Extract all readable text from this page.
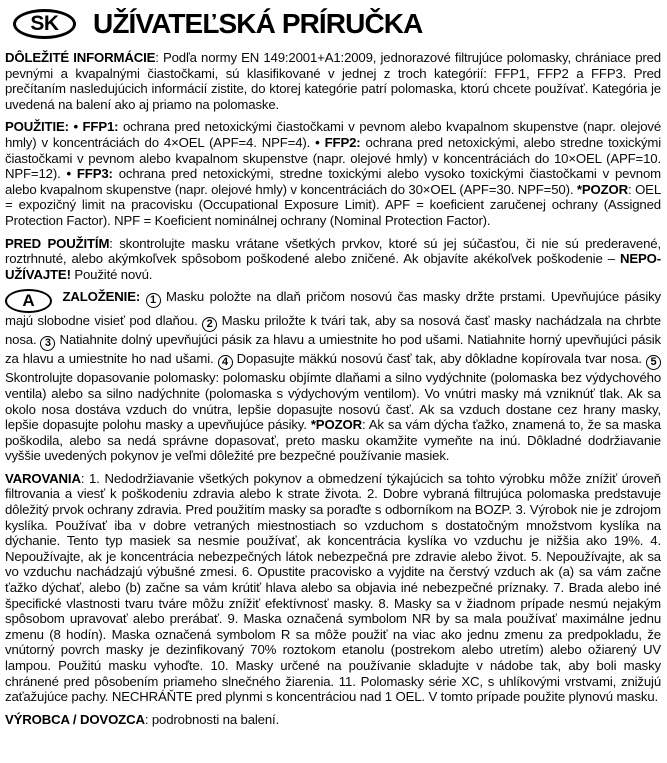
SK	UŽÍVATEĽSKÁ PRÍRUČKA

DÔLEŽITÉ INFORMÁCIE: Podľa normy EN 149:2001+A1:2009, jednorazové filtrujúce polomasky, chrániace pred pevnými a kvapalnými čiastočkami, sú klasifikované v jednej z troch kategórií: FFP1, FFP2 a FFP3. Pred prečítaním nasledujúcich informácií zistite, do ktorej kategórie patrí polomaska, ktorú chcete používať. Kategória je uvedená na balení ako aj priamo na polomaske.

POUŽITIE: • FFP1: ochrana pred netoxickými čiastočkami v pevnom alebo kvapalnom skupenstve (napr. olejové hmly) v koncentráciách do 4×OEL (APF=4. NPF=4). • FFP2: ochrana pred netoxickými, alebo stredne toxickými čiastočkami v pevnom alebo kvapalnom skupenstve (napr. olejové hmly) v koncentráciách do 10×OEL (APF=10. NPF=12). • FFP3: ochrana pred netoxickými, stredne toxickými alebo vysoko toxickými čiastočkami v pevnom alebo kvapalnom skupenstve (napr. olejové hmly) v koncentráciách do 30×OEL (APF=30. NPF=50). *POZOR: OEL = expozičný limit na pracovisku (Occupational Exposure Limit). APF = koeficient zaručenej ochrany (Assigned Protection Factor). NPF = Koeficient nominálnej ochrany (Nominal Protection Factor).

PRED POUŽITÍM: skontrolujte masku vrátane všetkých prvkov, ktoré sú jej súčasťou, či nie sú prederavené, roztrhnuté, alebo akýmkoľvek spôsobom poškodené alebo zničené. Ak objavíte akékoľvek poškodenie – NEPO-UŽÍVAJTE! Použité novú.

A ZALOŽENIE: 1 Masku položte na dlaň pričom nosovú čas masky držte prstami. Upevňujúce pásiky majú slobodne visieť pod dlaňou. 2 Masku priložte k tvári tak, aby sa nosová časť masky nachádzala na chrbte nosa. 3 Natiahnite dolný upevňujúci pásik za hlavu a umiestnite ho pod ušami. Natiahnite horný upevňujúci pásik za hlavu a umiestnite ho nad ušami. 4 Dopasujte mäkkú nosovú časť tak, aby dôkladne kopírovala tvar nosa. 5 Skontrolujte dopasovanie polomasky: polomasku objímte dlaňami a silno vydýchnite (polomaska bez výdychového ventila) alebo sa silno nadýchnite (polomaska s výdychovým ventilom). Vo vnútri masky má vzniknúť tlak. Ak sa okolo nosa dostáva vzduch do vnútra, lepšie dopasujte nosovú časť. Ak sa vzduch dostane cez hrany masky, lepšie dopasujte polohu masky a upevňujúce pásiky. *POZOR: Ak sa vám dýcha ťažko, znamená to, že sa maska poškodila, alebo sa nedá správne dopasovať, preto masku okamžite vymeňte na inú. Dôkladné dodržiavanie vyššie uvedených pokynov je veľmi dôležité pre bezpečné používanie masiek.

VAROVANIA: 1. Nedodržiavanie všetkých pokynov a obmedzení týkajúcich sa tohto výrobku môže znížiť úroveň filtrovania a viesť k poškodeniu zdravia alebo k strate života. 2. Dobre vybraná filtrujúca polomaska predstavuje dôležitý prvok ochrany zdravia. Pred použitím masky sa poraďte s odborníkom na BOZP. 3. Výrobok nie je zdrojom kyslíka. Používať iba v dobre vetraných miestnostiach so vzduchom s dostatočným množstvom kyslíka na dýchanie. Tento typ masiek sa nesmie používať, ak koncentrácia kyslíka vo vzduchu je nižšia ako 19%. 4. Nepoužívajte, ak je koncentrácia nebezpečných látok nebezpečná pre zdravie alebo život. 5. Nepoužívajte, ak sa vo vzduchu nachádzajú výbušné zmesi. 6. Opustite pracovisko a vyjdite na čerstvý vzduch ak (a) sa vám začne ťažko dýchať, alebo (b) začne sa vám krútiť hlava alebo sa objavia iné nebezpečné príznaky. 7. Brada alebo iné špecifické vlastnosti tvaru tváre môžu znížiť efektívnosť masky. 8. Masky sa v žiadnom prípade nesmú nejakým spôsobom upravovať alebo prerábať. 9. Maska označená symbolom NR by sa mala používať maximálne jednu zmenu (8 hodín). Maska označená symbolom R sa môže použiť na viac ako jednu zmenu za predpokladu, že vnútorný povrch masky je dezinfikovaný 70% roztokom etanolu (postrekom alebo utretím) alebo ožiarený UV lampou. Použitú masku vyhoďte. 10. Masky určené na používanie skladujte v nádobe tak, aby boli masky chránené pred pôsobením priameho slnečného žiarenia. 11. Polomasky série XC, s uhlíkovými vrstvami, znižujú zaťažujúce pachy. NECHRÁŇTE pred plynmi s koncentráciou nad 1 OEL. V tomto prípade použite plynovú masku.

VÝROBCA / DOVOZCA: podrobnosti na balení.
